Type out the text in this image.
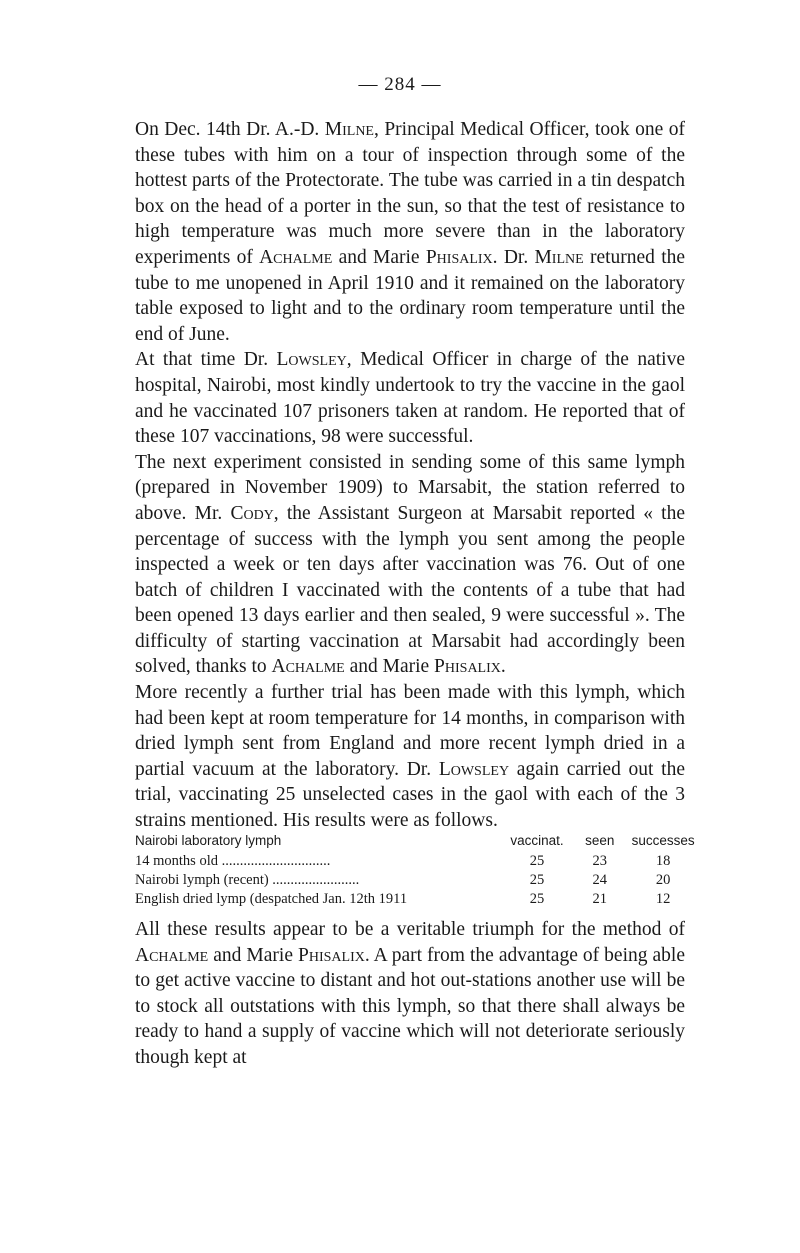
— 284 —

On Dec. 14th Dr. A.-D. Milne, Principal Medical Officer, took one of these tubes with him on a tour of inspection through some of the hottest parts of the Protectorate. The tube was carried in a tin despatch box on the head of a porter in the sun, so that the test of resistance to high temperature was much more severe than in the laboratory experiments of Achalme and Marie Phisalix. Dr. Milne returned the tube to me unopened in April 1910 and it remained on the laboratory table exposed to light and to the ordinary room temperature until the end of June.

At that time Dr. Lowsley, Medical Officer in charge of the native hospital, Nairobi, most kindly undertook to try the vaccine in the gaol and he vaccinated 107 prisoners taken at random. He reported that of these 107 vaccinations, 98 were successful.

The next experiment consisted in sending some of this same lymph (prepared in November 1909) to Marsabit, the station referred to above. Mr. Cody, the Assistant Surgeon at Marsabit reported « the percentage of success with the lymph you sent among the people inspected a week or ten days after vaccination was 76. Out of one batch of children I vaccinated with the contents of a tube that had been opened 13 days earlier and then sealed, 9 were successful ». The difficulty of starting vaccination at Marsabit had accordingly been solved, thanks to Achalme and Marie Phisalix.

More recently a further trial has been made with this lymph, which had been kept at room temperature for 14 months, in comparison with dried lymph sent from England and more recent lymph dried in a partial vacuum at the laboratory. Dr. Lowsley again carried out the trial, vaccinating 25 unselected cases in the gaol with each of the 3 strains mentioned. His results were as follows.

Nairobi laboratory lymph	vaccinat.	seen	successes
14 months old ..............................	25	23	18
Nairobi lymph (recent) ........................	25	24	20
English dried lymp (despatched Jan. 12th 1911	25	21	12

All these results appear to be a veritable triumph for the method of Achalme and Marie Phisalix. A part from the advantage of being able to get active vaccine to distant and hot out-stations another use will be to stock all outstations with this lymph, so that there shall always be ready to hand a supply of vaccine which will not deteriorate seriously though kept at
